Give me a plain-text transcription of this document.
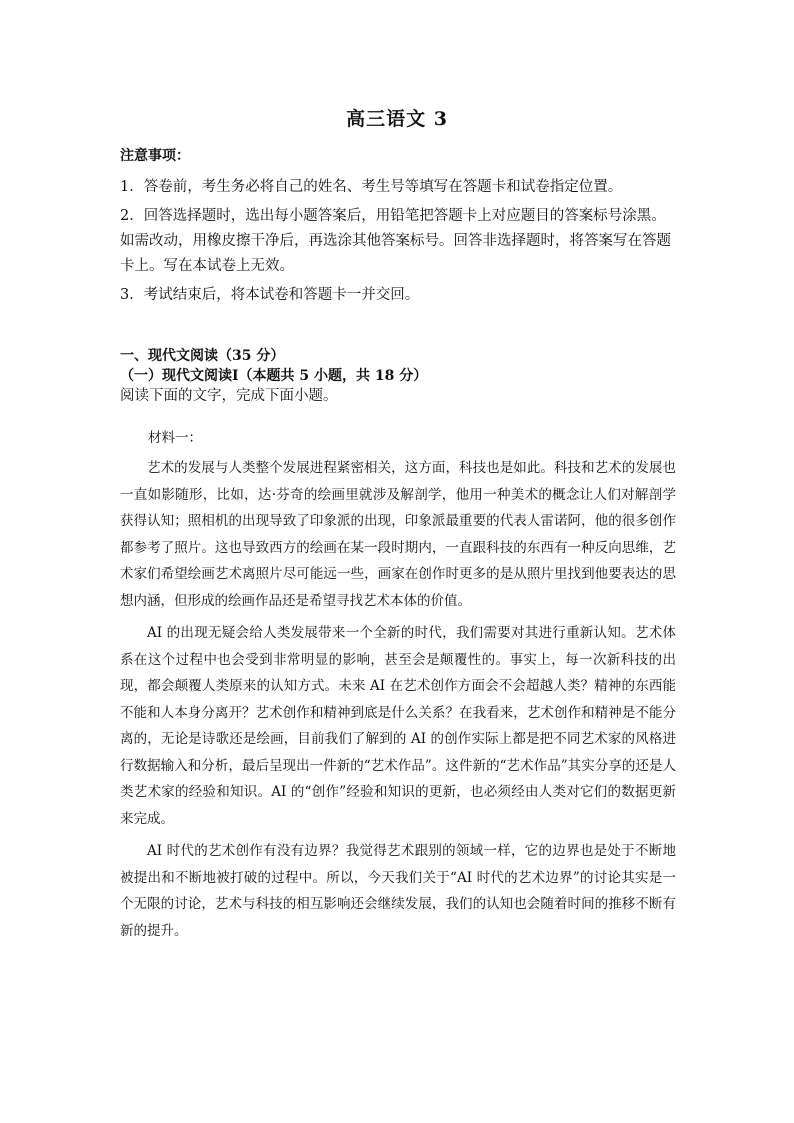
高三语文 3
注意事项：

1．答卷前，考生务必将自己的姓名、考生号等填写在答题卡和试卷指定位置。

2．回答选择题时，选出每小题答案后，用铅笔把答题卡上对应题目的答案标号涂黑。如需改动，用橡皮擦干净后，再选涂其他答案标号。回答非选择题时，将答案写在答题卡上。写在本试卷上无效。

3．考试结束后，将本试卷和答题卡一并交回。

一、现代文阅读（35 分）
（一）现代文阅读Ⅰ（本题共 5 小题，共 18 分）
阅读下面的文字，完成下面小题。
材料一：

艺术的发展与人类整个发展进程紧密相关，这方面，科技也是如此。科技和艺术的发展也一直如影随形，比如，达·芬奇的绘画里就涉及解剖学，他用一种美术的概念让人们对解剖学获得认知；照相机的出现导致了印象派的出现，印象派最重要的代表人雷诺阿，他的很多创作都参考了照片。这也导致西方的绘画在某一段时期内，一直跟科技的东西有一种反向思维，艺术家们希望绘画艺术离照片尽可能远一些，画家在创作时更多的是从照片里找到他要表达的思想内涵，但形成的绘画作品还是希望寻找艺术本体的价值。

AI 的出现无疑会给人类发展带来一个全新的时代，我们需要对其进行重新认知。艺术体系在这个过程中也会受到非常明显的影响，甚至会是颠覆性的。事实上，每一次新科技的出现，都会颠覆人类原来的认知方式。未来 AI 在艺术创作方面会不会超越人类？精神的东西能不能和人本身分离开？艺术创作和精神到底是什么关系？在我看来，艺术创作和精神是不能分离的，无论是诗歌还是绘画，目前我们了解到的 AI 的创作实际上都是把不同艺术家的风格进行数据输入和分析，最后呈现出一件新的“艺术作品”。这件新的“艺术作品”其实分享的还是人类艺术家的经验和知识。AI 的“创作”经验和知识的更新，也必须经由人类对它们的数据更新来完成。

AI 时代的艺术创作有没有边界？我觉得艺术跟别的领域一样，它的边界也是处于不断地被提出和不断地被打破的过程中。所以，今天我们关于“AI 时代的艺术边界”的讨论其实是一个无限的讨论，艺术与科技的相互影响还会继续发展，我们的认知也会随着时间的推移不断有新的提升。
